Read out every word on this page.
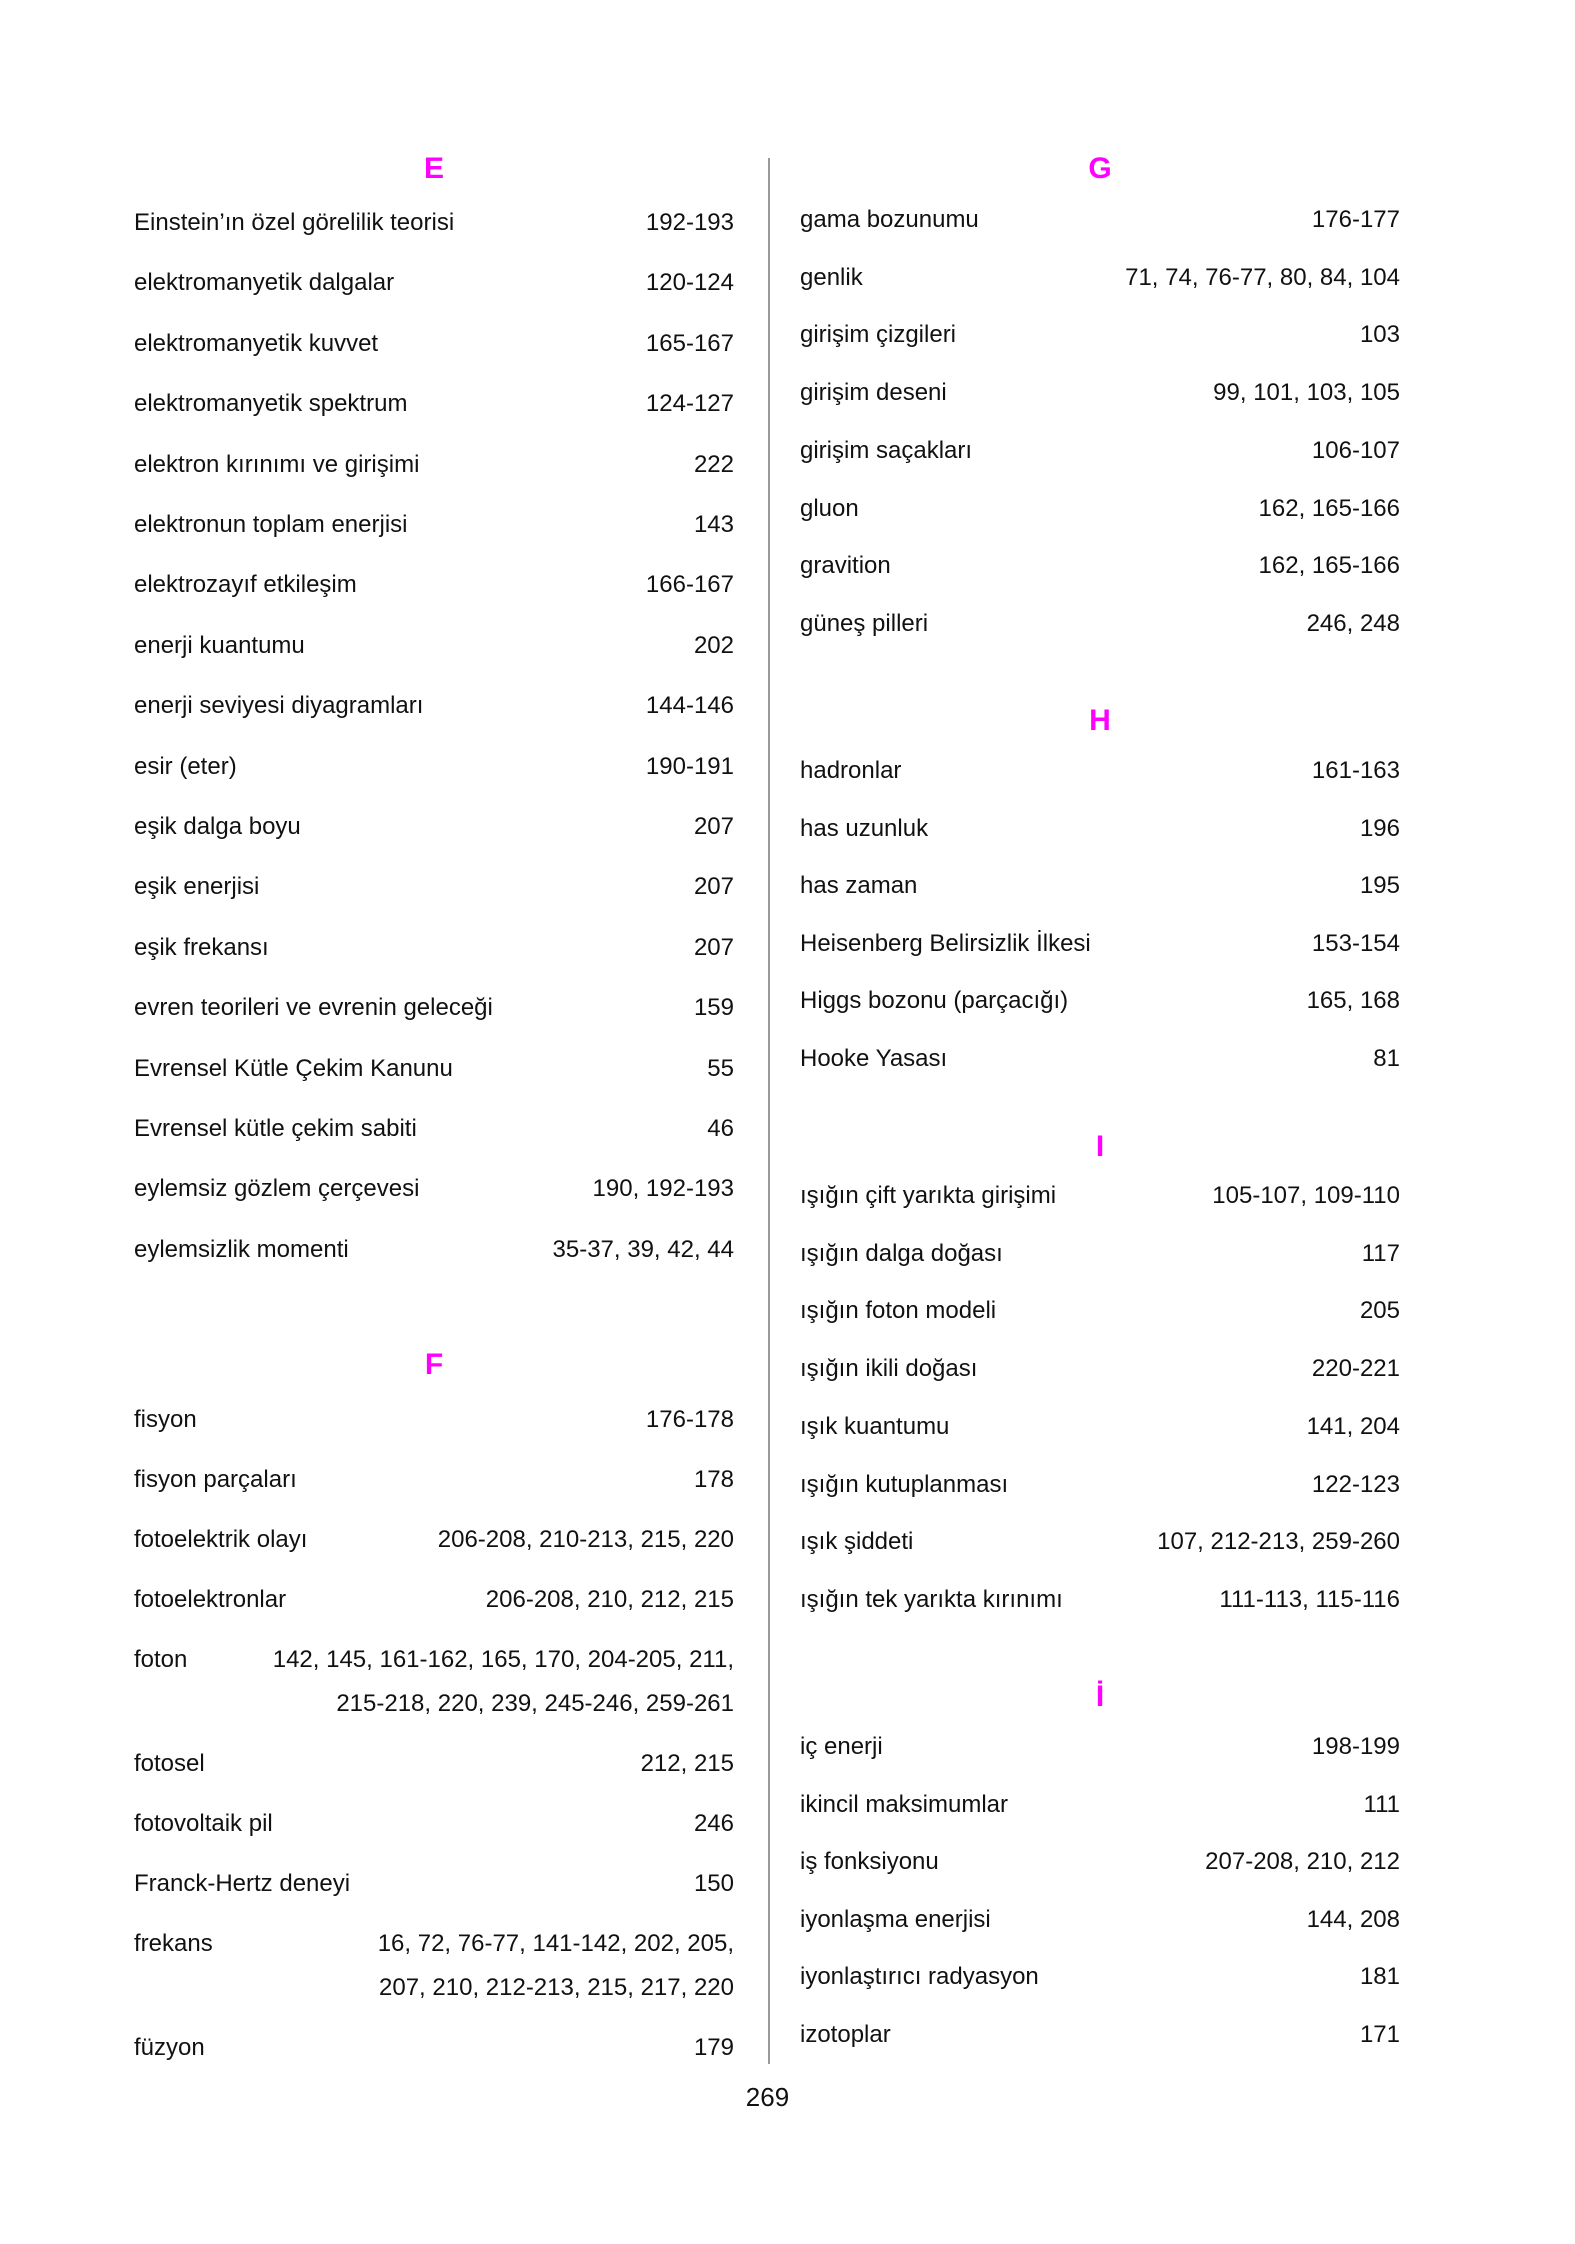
E
Einstein’ın özel görelilik teorisi	192-193
elektromanyetik dalgalar	120-124
elektromanyetik kuvvet	165-167
elektromanyetik spektrum	124-127
elektron kırınımı ve girişimi	222
elektronun toplam enerjisi	143
elektrozayıf etkileşim	166-167
enerji kuantumu	202
enerji seviyesi diyagramları	144-146
esir (eter)	190-191
eşik dalga boyu	207
eşik enerjisi	207
eşik frekansı	207
evren teorileri ve evrenin geleceği	159
Evrensel Kütle Çekim Kanunu	55
Evrensel kütle çekim sabiti	46
eylemsiz gözlem çerçevesi	190, 192-193
eylemsizlik momenti	35-37, 39, 42, 44
F
fisyon	176-178
fisyon parçaları	178
fotoelektrik olayı	206-208, 210-213, 215, 220
fotoelektronlar	206-208, 210, 212, 215
foton	142, 145, 161-162, 165, 170, 204-205, 211,
215-218, 220, 239, 245-246, 259-261
fotosel	212, 215
fotovoltaik pil	246
Franck-Hertz deneyi	150
frekans	16, 72, 76-77, 141-142, 202, 205,
207, 210, 212-213, 215, 217, 220
füzyon	179
G
gama bozunumu	176-177
genlik	71, 74, 76-77, 80, 84, 104
girişim çizgileri	103
girişim deseni	99, 101, 103, 105
girişim saçakları	106-107
gluon	162, 165-166
gravition	162, 165-166
güneş pilleri	246, 248
H
hadronlar	161-163
has uzunluk	196
has zaman	195
Heisenberg Belirsizlik İlkesi	153-154
Higgs bozonu (parçacığı)	165, 168
Hooke Yasası	81
I
ışığın çift yarıkta girişimi	105-107, 109-110
ışığın dalga doğası	117
ışığın foton modeli	205
ışığın ikili doğası	220-221
ışık kuantumu	141, 204
ışığın kutuplanması	122-123
ışık şiddeti	107, 212-213, 259-260
ışığın tek yarıkta kırınımı	111-113, 115-116
İ
iç enerji	198-199
ikincil maksimumlar	111
iş fonksiyonu	207-208, 210, 212
iyonlaşma enerjisi	144, 208
iyonlaştırıcı radyasyon	181
izotoplar	171
269
